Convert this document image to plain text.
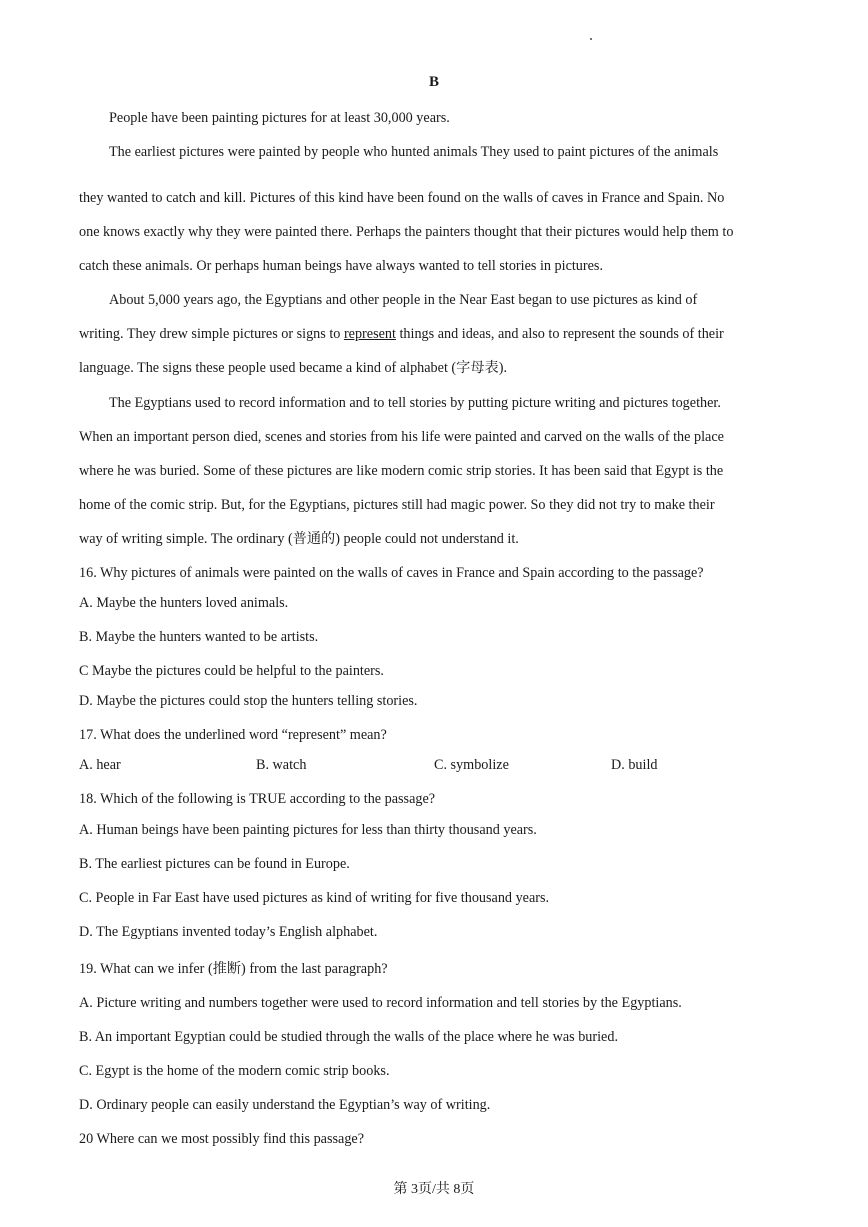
B
People have been painting pictures for at least 30,000 years.
The earliest pictures were painted by people who hunted animals They used to paint pictures of the animals
they wanted to catch and kill. Pictures of this kind have been found on the walls of caves in France and Spain. No
one knows exactly why they were painted there. Perhaps the painters thought that their pictures would help them to
catch these animals. Or perhaps human beings have always wanted to tell stories in pictures.
About 5,000 years ago, the Egyptians and other people in the Near East began to use pictures as kind of
writing. They drew simple pictures or signs to represent things and ideas, and also to represent the sounds of their
language. The signs these people used became a kind of alphabet (字母表).
The Egyptians used to record information and to tell stories by putting picture writing and pictures together.
When an important person died, scenes and stories from his life were painted and carved on the walls of the place
where he was buried. Some of these pictures are like modern comic strip stories. It has been said that Egypt is the
home of the comic strip. But, for the Egyptians, pictures still had magic power. So they did not try to make their
way of writing simple. The ordinary (普通的) people could not understand it.
16. Why pictures of animals were painted on the walls of caves in France and Spain according to the passage?
A. Maybe the hunters loved animals.
B. Maybe the hunters wanted to be artists.
C Maybe the pictures could be helpful to the painters.
D. Maybe the pictures could stop the hunters telling stories.
17. What does the underlined word “represent” mean?
A. hear	B. watch	C. symbolize	D. build
18. Which of the following is TRUE according to the passage?
A. Human beings have been painting pictures for less than thirty thousand years.
B. The earliest pictures can be found in Europe.
C. People in Far East have used pictures as kind of writing for five thousand years.
D. The Egyptians invented today’s English alphabet.
19. What can we infer (推断) from the last paragraph?
A. Picture writing and numbers together were used to record information and tell stories by the Egyptians.
B. An important Egyptian could be studied through the walls of the place where he was buried.
C. Egypt is the home of the modern comic strip books.
D. Ordinary people can easily understand the Egyptian’s way of writing.
20 Where can we most possibly find this passage?
第 3页/共 8页
